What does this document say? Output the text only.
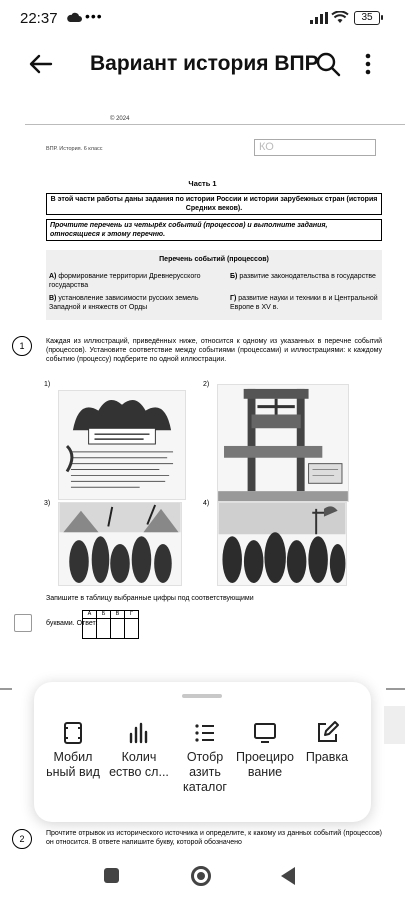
22:37 •••	35
Вариант история ВПР
© 2024
ВПР. История. 6 класс	КО
Часть 1
В этой части работы даны задания по истории России и истории зарубежных стран (история Средних веков).
Прочтите перечень из четырёх событий (процессов) и выполните задания, относящиеся к этому перечню.
Перечень событий (процессов)
А) формирование территории Древнерусского государства
Б) развитие законодательства в государстве
В) установление зависимости русских земель Западной и княжеств от Орды
Г) развитие науки и техники в и Центральной Европе в XV в.
1	Каждая из иллюстраций, приведённых ниже, относится к одному из указанных в перечне событий (процессов). Установите соответствие между событиями (процессами) и иллюстрациями: к каждому событию (процессу) подберите по одной иллюстрации.
1)	2)
3)	4)
Запишите в таблицу выбранные цифры под соответствующими
буквами. Ответ:
А	Б	В	Г

2
Прочтите отрывок из исторического источника и определите, к какому из данных событий (процессов) он относится. В ответе напишите букву, которой обозначено
Мобил ьный вид
Колич ество сл...
Отобр азить каталог
Проециро вание
Правка
